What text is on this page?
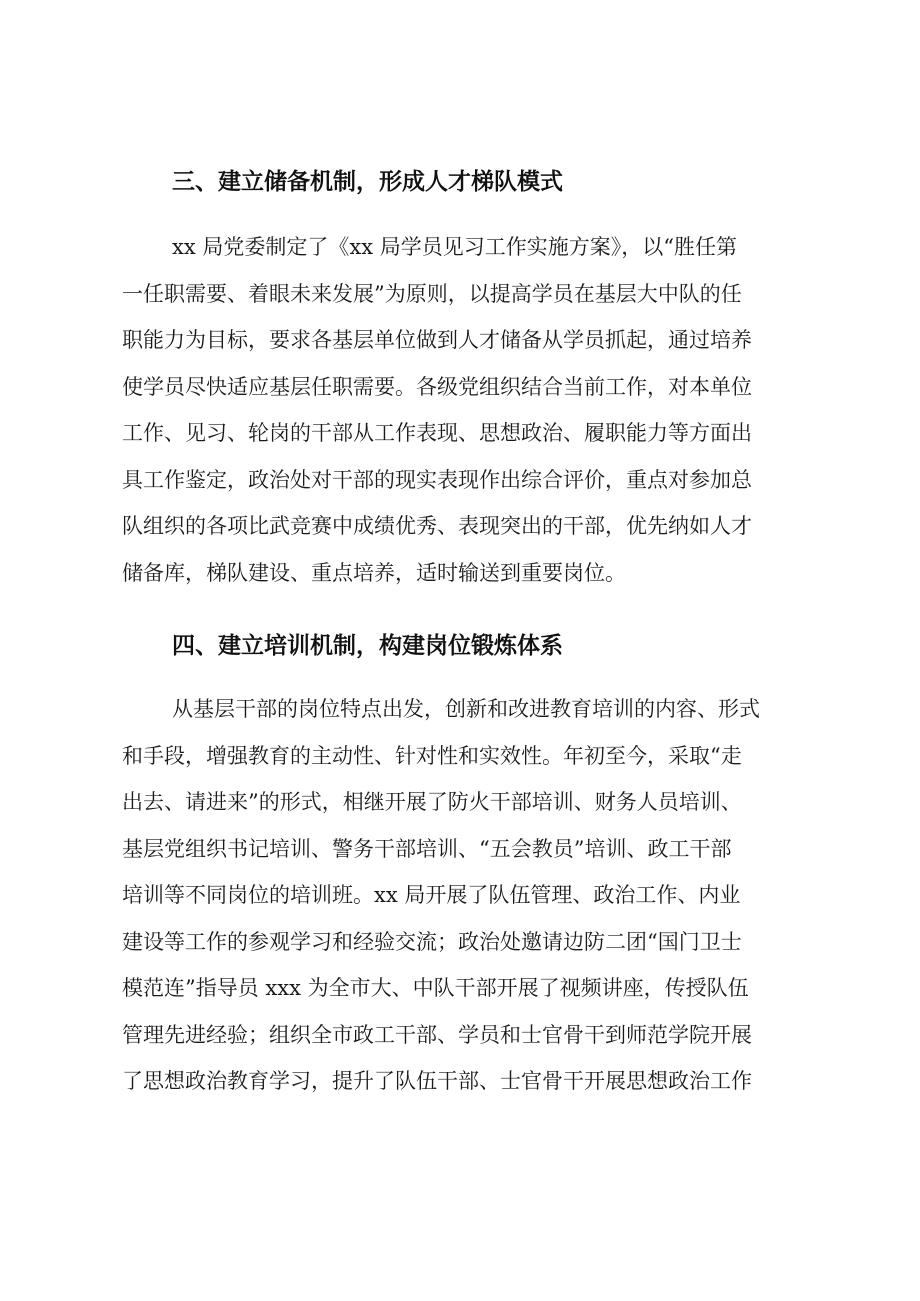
三、建立储备机制，形成人才梯队模式
xx 局党委制定了《xx 局学员见习工作实施方案》，以“胜任第
一任职需要、着眼未来发展”为原则，以提高学员在基层大中队的任
职能力为目标，要求各基层单位做到人才储备从学员抓起，通过培养
使学员尽快适应基层任职需要。各级党组织结合当前工作，对本单位
工作、见习、轮岗的干部从工作表现、思想政治、履职能力等方面出
具工作鉴定，政治处对干部的现实表现作出综合评价，重点对参加总
队组织的各项比武竞赛中成绩优秀、表现突出的干部，优先纳如人才
储备库，梯队建设、重点培养，适时输送到重要岗位。
四、建立培训机制，构建岗位锻炼体系
从基层干部的岗位特点出发，创新和改进教育培训的内容、形式
和手段，增强教育的主动性、针对性和实效性。年初至今，采取“走
出去、请进来”的形式，相继开展了防火干部培训、财务人员培训、
基层党组织书记培训、警务干部培训、“五会教员”培训、政工干部
培训等不同岗位的培训班。xx 局开展了队伍管理、政治工作、内业
建设等工作的参观学习和经验交流；政治处邀请边防二团“国门卫士
模范连”指导员 xxx 为全市大、中队干部开展了视频讲座，传授队伍
管理先进经验；组织全市政工干部、学员和士官骨干到师范学院开展
了思想政治教育学习，提升了队伍干部、士官骨干开展思想政治工作
